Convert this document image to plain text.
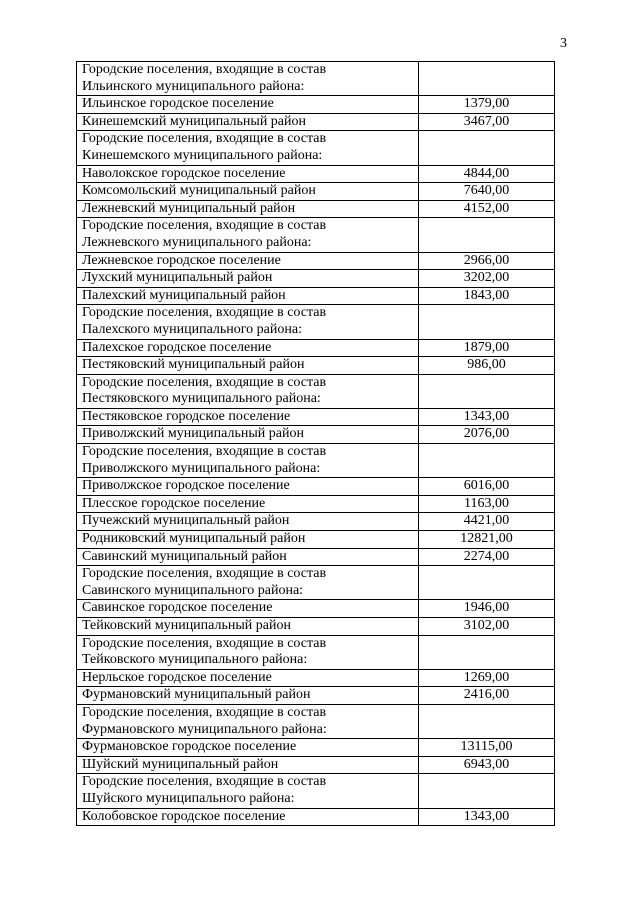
3
Городские поселения, входящие в состав
Ильинского муниципального района:	

Ильинское городское поселение	1379,00

Кинешемский муниципальный район	3467,00

Городские поселения, входящие в состав
Кинешемского муниципального района:	

Наволокское городское поселение	4844,00

Комсомольский муниципальный район	7640,00

Лежневский муниципальный район	4152,00

Городские поселения, входящие в состав
Лежневского муниципального района:	

Лежневское городское поселение	2966,00

Лухский муниципальный район	3202,00

Палехский муниципальный район	1843,00

Городские поселения, входящие в состав
Палехского муниципального района:	

Палехское городское поселение	1879,00

Пестяковский муниципальный район	986,00

Городские поселения, входящие в состав
Пестяковского муниципального района:	

Пестяковское городское поселение	1343,00

Приволжский муниципальный район	2076,00

Городские поселения, входящие в состав
Приволжского муниципального района:	

Приволжское городское поселение	6016,00

Плесское городское поселение	1163,00

Пучежский муниципальный район	4421,00

Родниковский муниципальный район	12821,00

Савинский муниципальный район	2274,00

Городские поселения, входящие в состав
Савинского муниципального района:	

Савинское городское поселение	1946,00

Тейковский муниципальный район	3102,00

Городские поселения, входящие в состав
Тейковского муниципального района:	

Нерльское городское поселение	1269,00

Фурмановский муниципальный район	2416,00

Городские поселения, входящие в состав
Фурмановского муниципального района:	

Фурмановское городское поселение	13115,00

Шуйский муниципальный район	6943,00

Городские поселения, входящие в состав
Шуйского муниципального района:	

Колобовское городское поселение	1343,00
